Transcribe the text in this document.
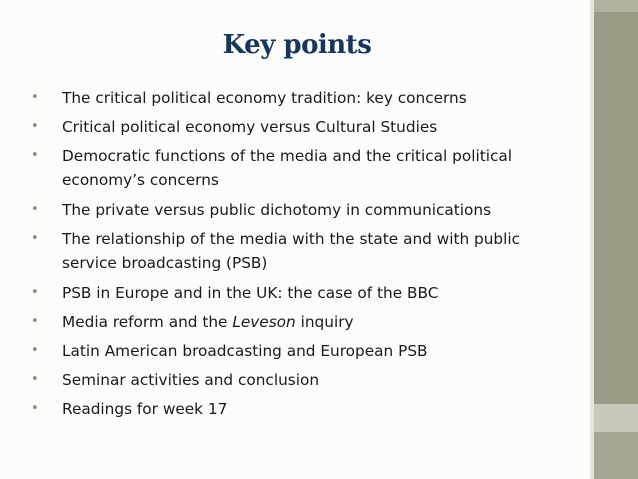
Key points
• The critical political economy tradition: key concerns
• Critical political economy versus Cultural Studies
• Democratic functions of the media and the critical political
economy’s concerns
• The private versus public dichotomy in communications
• The relationship of the media with the state and with public
service broadcasting (PSB)
• PSB in Europe and in the UK: the case of the BBC
• Media reform and the Leveson inquiry
• Latin American broadcasting and European PSB
• Seminar activities and conclusion
• Readings for week 17
